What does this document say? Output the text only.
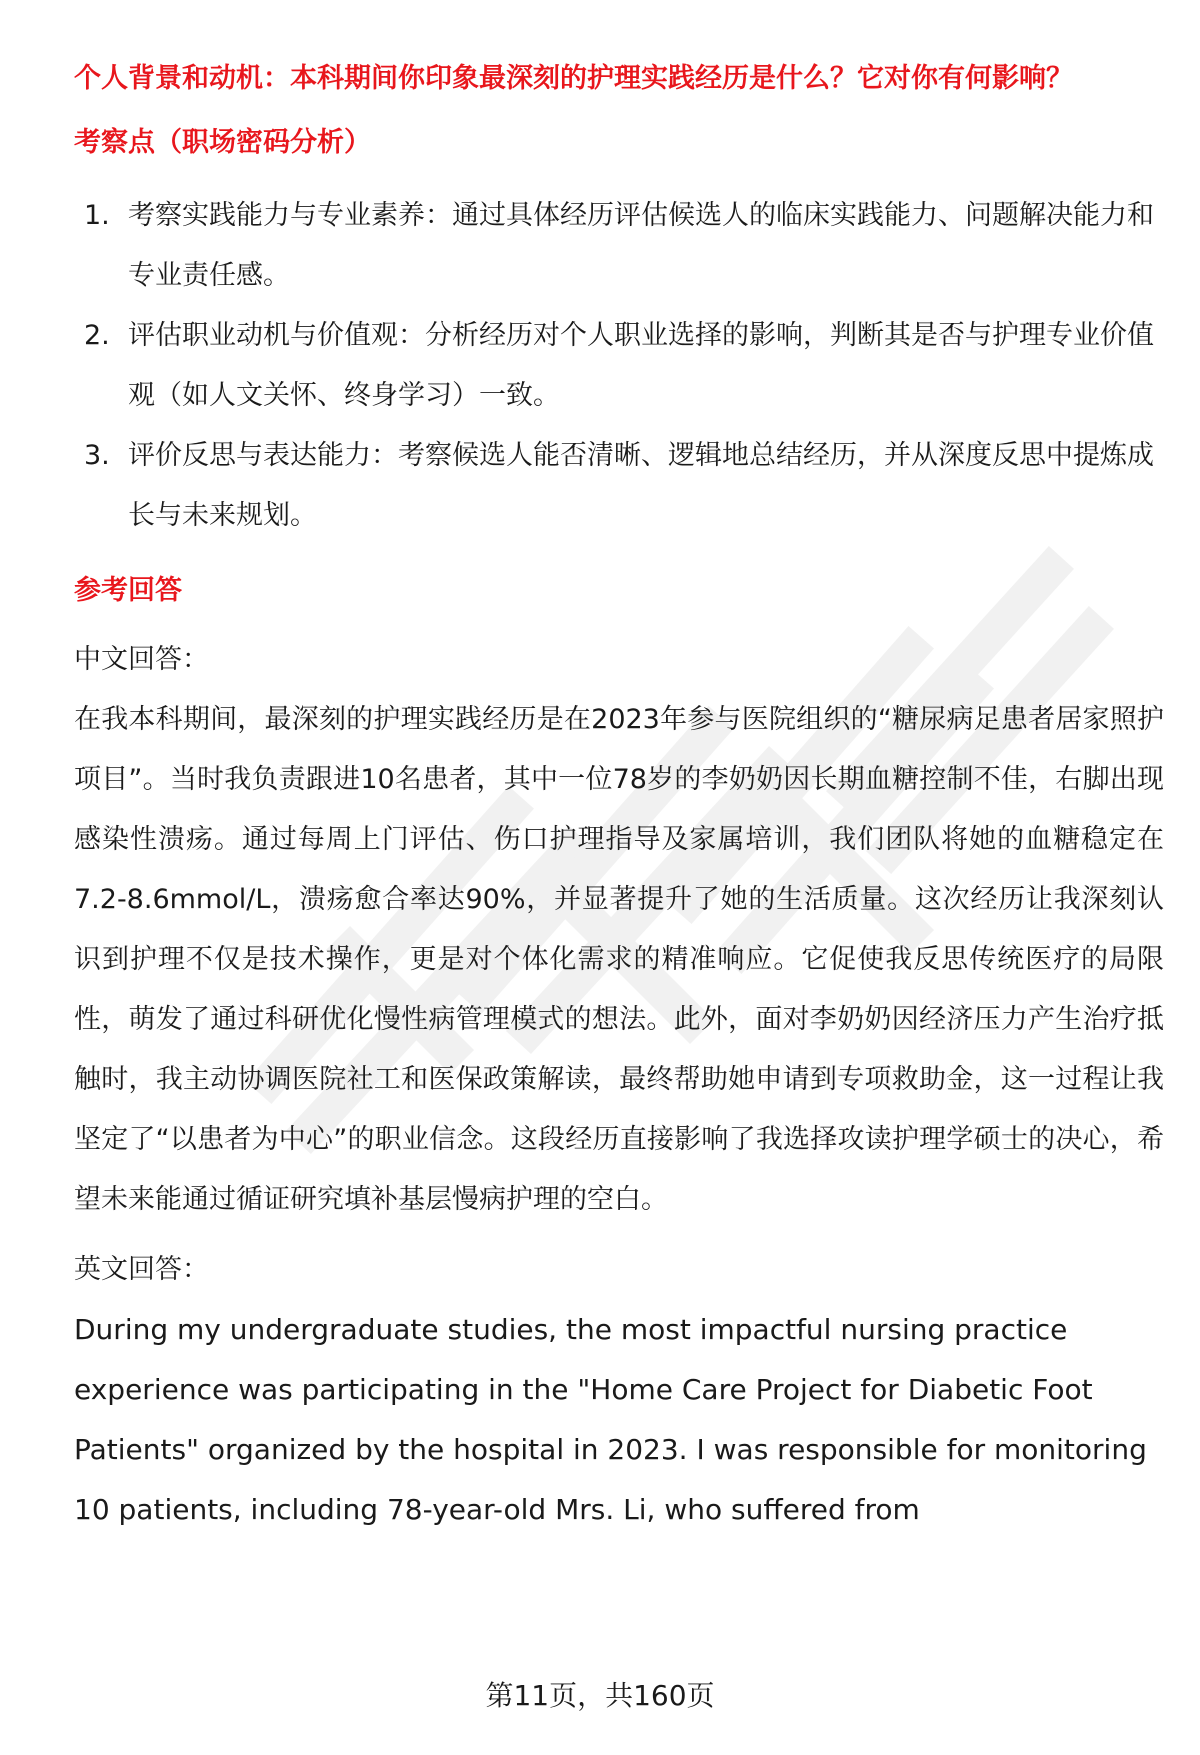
个人背景和动机：本科期间你印象最深刻的护理实践经历是什么？它对你有何影响？

考察点（职场密码分析）

1. 考察实践能力与专业素养：通过具体经历评估候选人的临床实践能力、问题解决能力和专业责任感。
2. 评估职业动机与价值观：分析经历对个人职业选择的影响，判断其是否与护理专业价值观（如人文关怀、终身学习）一致。
3. 评价反思与表达能力：考察候选人能否清晰、逻辑地总结经历，并从深度反思中提炼成长与未来规划。

参考回答

中文回答：

在我本科期间，最深刻的护理实践经历是在2023年参与医院组织的“糖尿病足患者居家照护项目”。当时我负责跟进10名患者，其中一位78岁的李奶奶因长期血糖控制不佳，右脚出现感染性溃疡。通过每周上门评估、伤口护理指导及家属培训，我们团队将她的血糖稳定在7.2-8.6mmol/L，溃疡愈合率达90%，并显著提升了她的生活质量。这次经历让我深刻认识到护理不仅是技术操作，更是对个体化需求的精准响应。它促使我反思传统医疗的局限性，萌发了通过科研优化慢性病管理模式的想法。此外，面对李奶奶因经济压力产生治疗抵触时，我主动协调医院社工和医保政策解读，最终帮助她申请到专项救助金，这一过程让我坚定了“以患者为中心”的职业信念。这段经历直接影响了我选择攻读护理学硕士的决心，希望未来能通过循证研究填补基层慢病护理的空白。

英文回答：

During my undergraduate studies, the most impactful nursing practice experience was participating in the "Home Care Project for Diabetic Foot Patients" organized by the hospital in 2023. I was responsible for monitoring 10 patients, including 78-year-old Mrs. Li, who suffered from

第11页，共160页
